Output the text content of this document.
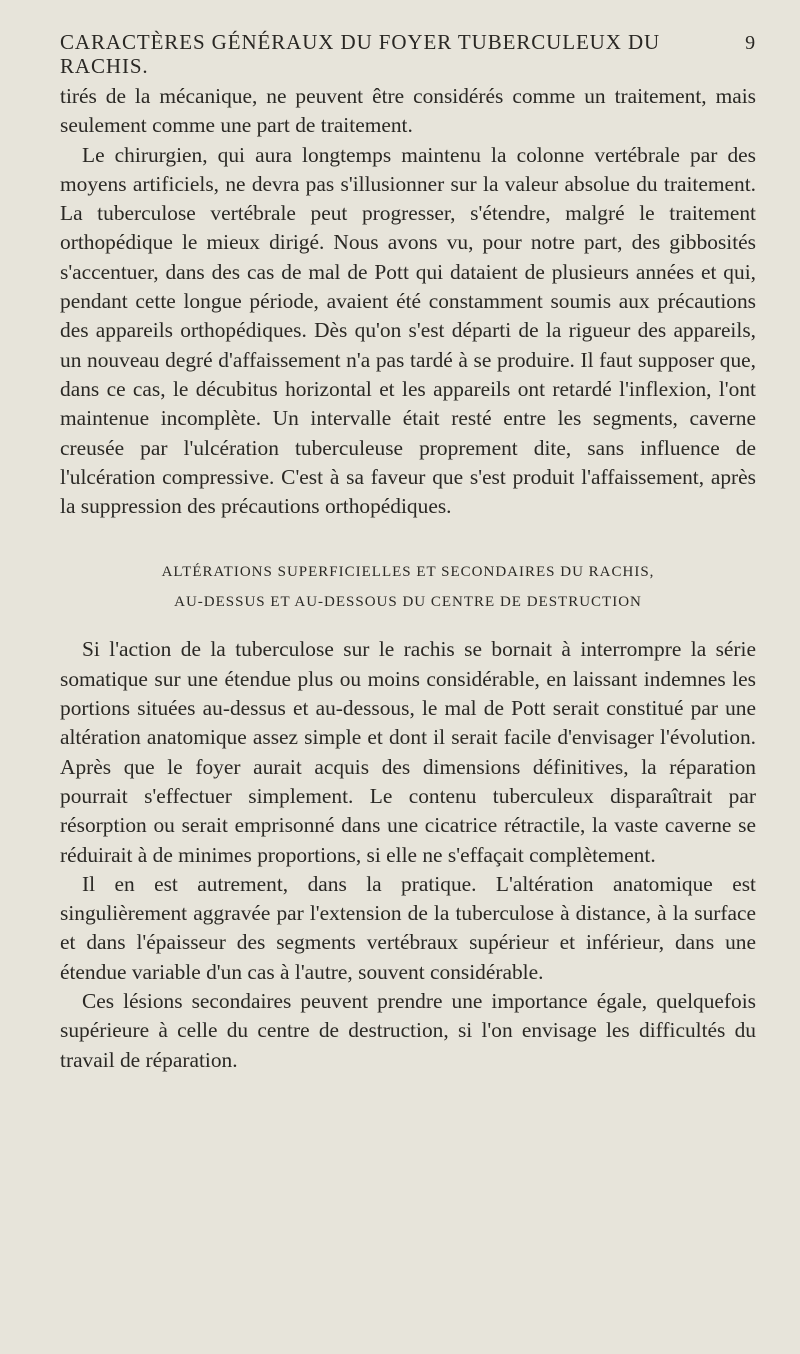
CARACTÈRES GÉNÉRAUX DU FOYER TUBERCULEUX DU RACHIS.
9

tirés de la mécanique, ne peuvent être considérés comme un traitement, mais seulement comme une part de traitement.

Le chirurgien, qui aura longtemps maintenu la colonne vertébrale par des moyens artificiels, ne devra pas s'illusionner sur la valeur absolue du traitement. La tuberculose vertébrale peut progresser, s'étendre, malgré le traitement orthopédique le mieux dirigé. Nous avons vu, pour notre part, des gibbosités s'accentuer, dans des cas de mal de Pott qui dataient de plusieurs années et qui, pendant cette longue période, avaient été constamment soumis aux précautions des appareils orthopédiques. Dès qu'on s'est départi de la rigueur des appareils, un nouveau degré d'affaissement n'a pas tardé à se produire. Il faut supposer que, dans ce cas, le décubitus horizontal et les appareils ont retardé l'inflexion, l'ont maintenue incomplète. Un intervalle était resté entre les segments, caverne creusée par l'ulcération tuberculeuse proprement dite, sans influence de l'ulcération compressive. C'est à sa faveur que s'est produit l'affaissement, après la suppression des précautions orthopédiques.

ALTÉRATIONS SUPERFICIELLES ET SECONDAIRES DU RACHIS,
AU-DESSUS ET AU-DESSOUS DU CENTRE DE DESTRUCTION

Si l'action de la tuberculose sur le rachis se bornait à interrompre la série somatique sur une étendue plus ou moins considérable, en laissant indemnes les portions situées au-dessus et au-dessous, le mal de Pott serait constitué par une altération anatomique assez simple et dont il serait facile d'envisager l'évolution. Après que le foyer aurait acquis des dimensions définitives, la réparation pourrait s'effectuer simplement. Le contenu tuberculeux disparaîtrait par résorption ou serait emprisonné dans une cicatrice rétractile, la vaste caverne se réduirait à de minimes proportions, si elle ne s'effaçait complètement.

Il en est autrement, dans la pratique. L'altération anatomique est singulièrement aggravée par l'extension de la tuberculose à distance, à la surface et dans l'épaisseur des segments vertébraux supérieur et inférieur, dans une étendue variable d'un cas à l'autre, souvent considérable.

Ces lésions secondaires peuvent prendre une importance égale, quelquefois supérieure à celle du centre de destruction, si l'on envisage les difficultés du travail de réparation.
